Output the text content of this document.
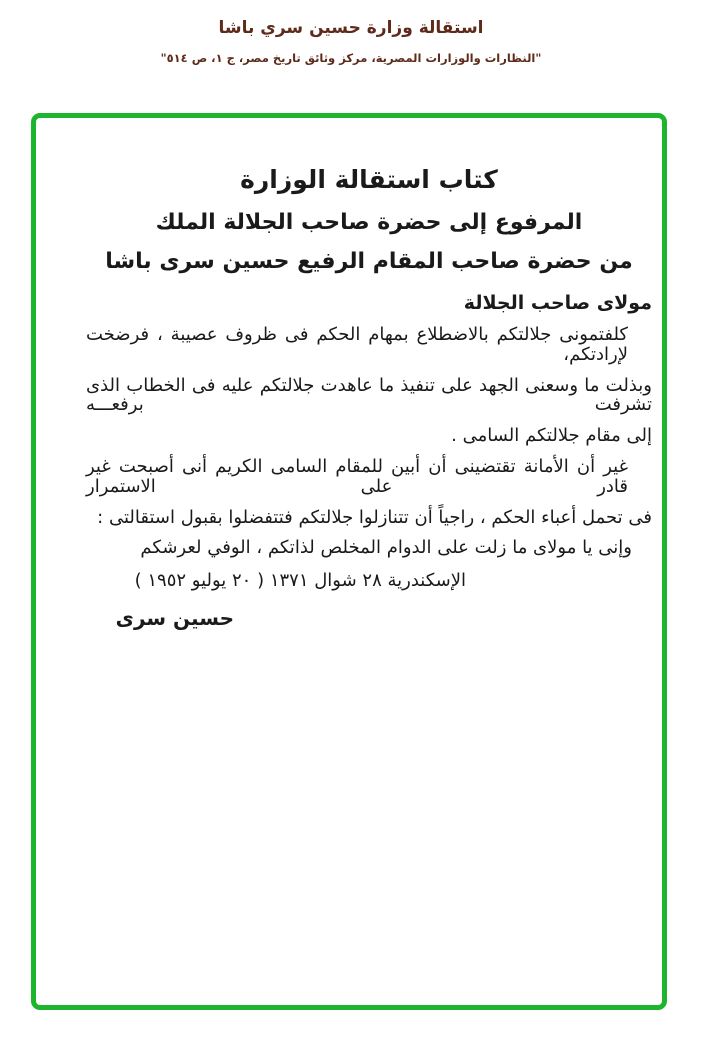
استقالة وزارة حسين سري باشا
"النظارات والوزارات المصرية، مركز وثائق تاريخ مصر، ج ١، ص ٥١٤"
كتاب استقالة الوزارة
المرفوع إلى حضرة صاحب الجلالة الملك
من حضرة صاحب المقام الرفيع حسين سرى باشا
مولاى صاحب الجلالة
كلفتمونى جلالتكم بالاضطلاع بمهام الحكم فى ظروف عصيبة ، فرضخت لإرادتكم،
وبذلت ما وسعنى الجهد على تنفيذ ما عاهدت جلالتكم عليه فى الخطاب الذى تشرفت برفعـــه
إلى مقام جلالتكم السامى .
غير أن الأمانة تقتضينى أن أبين للمقام السامى الكريم أنى أصبحت غير قادر على الاستمرار
فى تحمل أعباء الحكم ، راجياً أن تتنازلوا جلالتكم فتتفضلوا بقبول استقالتى :
وإنى يا مولاى ما زلت على الدوام المخلص لذاتكم ، الوفي لعرشكم
الإسكندرية ٢٨ شوال ١٣٧١ ( ٢٠ يوليو ١٩٥٢ )
حسين سرى
